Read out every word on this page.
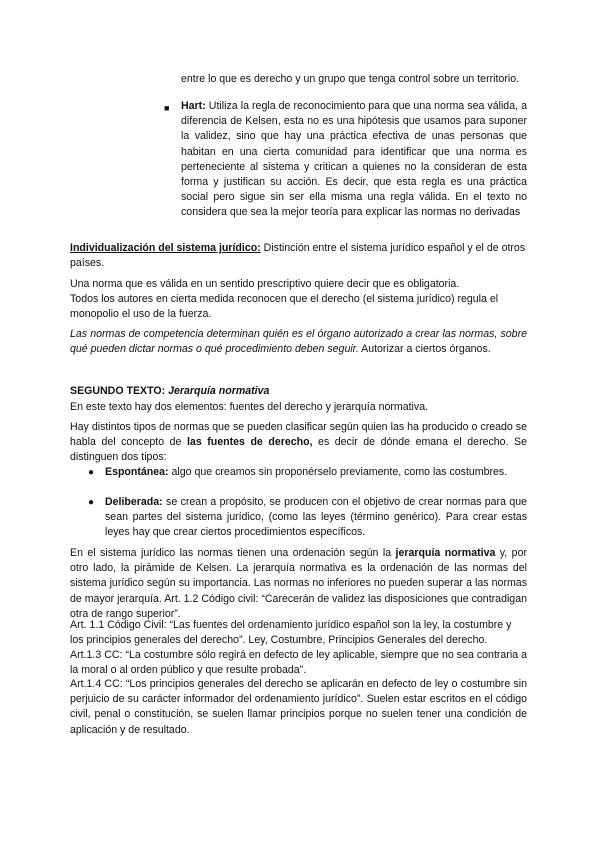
entre lo que es derecho y un grupo que tenga control sobre un territorio.

■ Hart: Utiliza la regla de reconocimiento para que una norma sea válida, a diferencia de Kelsen, esta no es una hipótesis que usamos para suponer la validez, sino que hay una práctica efectiva de unas personas que habitan en una cierta comunidad para identificar que una norma es perteneciente al sistema y critican a quienes no la consideran de esta forma y justifican su acción. Es decir, que esta regla es una práctica social pero sigue sin ser ella misma una regla válida. En el texto no considera que sea la mejor teoría para explicar las normas no derivadas

Individualización del sistema jurídico: Distinción entre el sistema jurídico español y el de otros países.

Una norma que es válida en un sentido prescriptivo quiere decir que es obligatoria.

Todos los autores en cierta medida reconocen que el derecho (el sistema jurídico) regula el monopolio el uso de la fuerza.

Las normas de competencia determinan quién es el órgano autorizado a crear las normas, sobre qué pueden dictar normas o qué procedimiento deben seguir. Autorizar a ciertos órganos.

SEGUNDO TEXTO: Jerarquía normativa

En este texto hay dos elementos: fuentes del derecho y jerarquía normativa.

Hay distintos tipos de normas que se pueden clasificar según quien las ha producido o creado se habla del concepto de las fuentes de derecho, es decir de dónde emana el derecho. Se distinguen dos tipos:

● Espontánea: algo que creamos sin proponérselo previamente, como las costumbres.

● Deliberada: se crean a propósito, se producen con el objetivo de crear normas para que sean partes del sistema jurídico, (como las leyes (término genérico). Para crear estas leyes hay que crear ciertos procedimientos específicos.

En el sistema jurídico las normas tienen una ordenación según la jerarquía normativa y, por otro lado, la pirámide de Kelsen. La jerarquía normativa es la ordenación de las normas del sistema jurídico según su importancia. Las normas no inferiores no pueden superar a las normas de mayor jerarquía. Art. 1.2 Código civil: “Carecerán de validez las disposiciones que contradigan otra de rango superior”.

Art. 1.1 Código Civil: “Las fuentes del ordenamiento jurídico español son la ley, la costumbre y los principios generales del derecho”. Ley, Costumbre, Principios Generales del derecho.

Art.1.3 CC: “La costumbre sólo regirá en defecto de ley aplicable, siempre que no sea contraria a la moral o al orden público y que resulte probada”.

Art.1.4 CC: “Los principios generales del derecho se aplicarán en defecto de ley o costumbre sin perjuicio de su carácter informador del ordenamiento jurídico”. Suelen estar escritos en el código civil, penal o constitución, se suelen llamar principios porque no suelen tener una condición de aplicación y de resultado.
